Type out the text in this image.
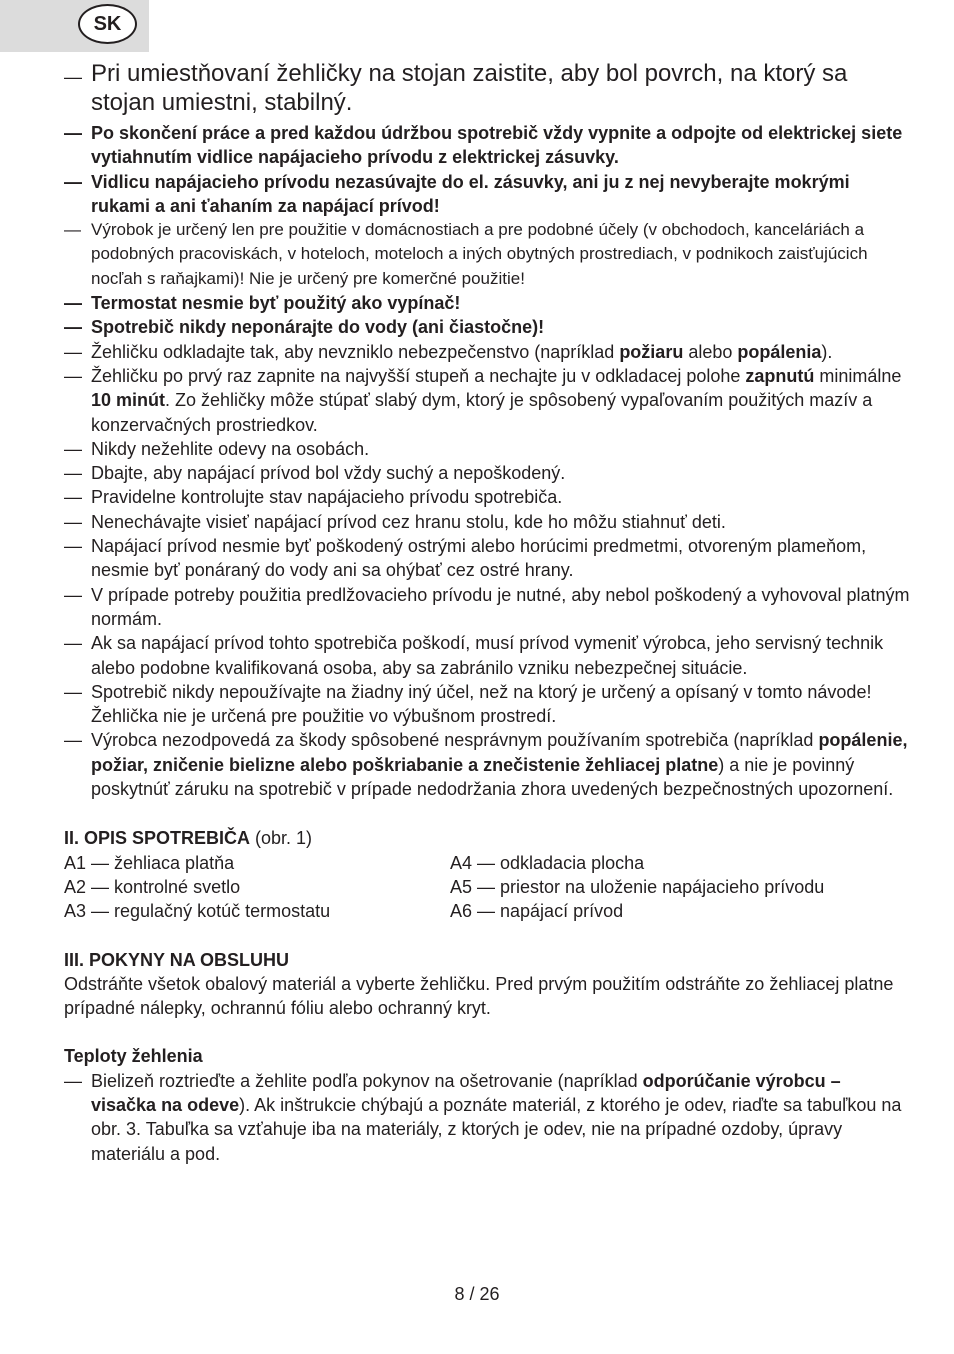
SK
— Pri umiestňovaní žehličky na stojan zaistite, aby bol povrch, na ktorý sa stojan umiestni, stabilný.
— Po skončení práce a pred každou údržbou spotrebič vždy vypnite a odpojte od elektrickej siete vytiahnutím vidlice napájacieho prívodu z elektrickej zásuvky.
— Vidlicu napájacieho prívodu nezasúvajte do el. zásuvky, ani ju z nej nevyberajte mokrými rukami a ani ťahaním za napájací prívod!
— Výrobok je určený len pre použitie v domácnostiach a pre podobné účely (v obchodoch, kanceláriách a podobných pracoviskách, v hoteloch, moteloch a iných obytných prostrediach, v podnikoch zaisťujúcich nocľah s raňajkami)! Nie je určený pre komerčné použitie!
— Termostat nesmie byť použitý ako vypínač!
— Spotrebič nikdy neponárajte do vody (ani čiastočne)!
— Žehličku odkladajte tak, aby nevzniklo nebezpečenstvo (napríklad požiaru alebo popálenia).
— Žehličku po prvý raz zapnite na najvyšší stupeň a nechajte ju v odkladacej polohe zapnutú minimálne 10 minút. Zo žehličky môže stúpať slabý dym, ktorý je spôsobený vypaľovaním použitých mazív a konzervačných prostriedkov.
— Nikdy nežehlite odevy na osobách.
— Dbajte, aby napájací prívod bol vždy suchý a nepoškodený.
— Pravidelne kontrolujte stav napájacieho prívodu spotrebiča.
— Nenechávajte visieť napájací prívod cez hranu stolu, kde ho môžu stiahnuť deti.
— Napájací prívod nesmie byť poškodený ostrými alebo horúcimi predmetmi, otvoreným plameňom, nesmie byť ponáraný do vody ani sa ohýbať cez ostré hrany.
— V prípade potreby použitia predlžovacieho prívodu je nutné, aby nebol poškodený a vyhovoval platným normám.
— Ak sa napájací prívod tohto spotrebiča poškodí, musí prívod vymeniť výrobca, jeho servisný technik alebo podobne kvalifikovaná osoba, aby sa zabránilo vzniku nebezpečnej situácie.
— Spotrebič nikdy nepoužívajte na žiadny iný účel, než na ktorý je určený a opísaný v tomto návode! Žehlička nie je určená pre použitie vo výbušnom prostredí.
— Výrobca nezodpovedá za škody spôsobené nesprávnym používaním spotrebiča (napríklad popálenie, požiar, zničenie bielizne alebo poškriabanie a znečistenie žehliacej platne) a nie je povinný poskytnúť záruku na spotrebič v prípade nedodržania zhora uvedených bezpečnostných upozornení.
II. OPIS SPOTREBIČA (obr. 1)
A1 — žehliaca platňa
A2 — kontrolné svetlo
A3 — regulačný kotúč termostatu
A4 — odkladacia plocha
A5 — priestor na uloženie napájacieho prívodu
A6 — napájací prívod
III. POKYNY NA OBSLUHU
Odstráňte všetok obalový materiál a vyberte žehličku. Pred prvým použitím odstráňte zo žehliacej platne prípadné nálepky, ochrannú fóliu alebo ochranný kryt.
Teploty žehlenia
— Bielizeň roztrieďte a žehlite podľa pokynov na ošetrovanie (napríklad odporúčanie výrobcu – visačka na odeve). Ak inštrukcie chýbajú a poznáte materiál, z ktorého je odev, riaďte sa tabuľkou na obr. 3. Tabuľka sa vzťahuje iba na materiály, z ktorých je odev, nie na prípadné ozdoby, úpravy materiálu a pod.
8 / 26
